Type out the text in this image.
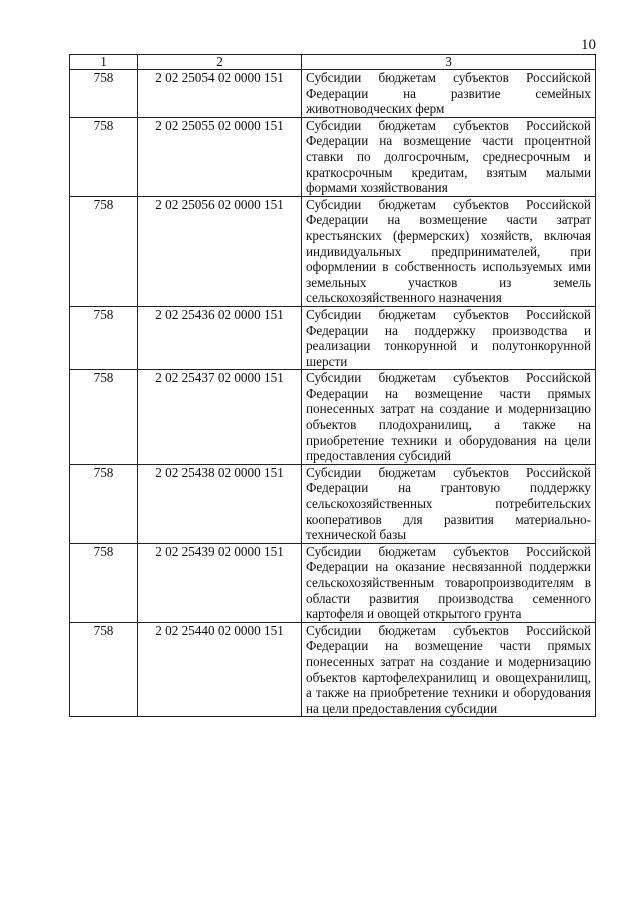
10
1	2	3
758	2 02 25054 02 0000 151	Субсидии бюджетам субъектов Российской Федерации на развитие семейных животноводческих ферм

758	2 02 25055 02 0000 151	Субсидии бюджетам субъектов Российской Федерации на возмещение части процентной ставки по долгосрочным, среднесрочным и краткосрочным кредитам, взятым малыми формами хозяйствования

758	2 02 25056 02 0000 151	Субсидии бюджетам субъектов Российской Федерации на возмещение части затрат крестьянских (фермерских) хозяйств, включая индивидуальных предпринимателей, при оформлении в собственность используемых ими земельных участков из земель сельскохозяйственного назначения

758	2 02 25436 02 0000 151	Субсидии бюджетам субъектов Российской Федерации на поддержку производства и реализации тонкорунной и полутонкорунной шерсти

758	2 02 25437 02 0000 151	Субсидии бюджетам субъектов Российской Федерации на возмещение части прямых понесенных затрат на создание и модернизацию объектов плодохранилищ, а также на приобретение техники и оборудования на цели предоставления субсидий

758	2 02 25438 02 0000 151	Субсидии бюджетам субъектов Российской Федерации на грантовую поддержку сельскохозяйственных потребительских кооперативов для развития материально-технической базы

758	2 02 25439 02 0000 151	Субсидии бюджетам субъектов Российской Федерации на оказание несвязанной поддержки сельскохозяйственным товаропроизводителям в области развития производства семенного картофеля и овощей открытого грунта

758	2 02 25440 02 0000 151	Субсидии бюджетам субъектов Российской Федерации на возмещение части прямых понесенных затрат на создание и модернизацию объектов картофелехранилищ и овощехранилищ, а также на приобретение техники и оборудования на цели предоставления субсидии
